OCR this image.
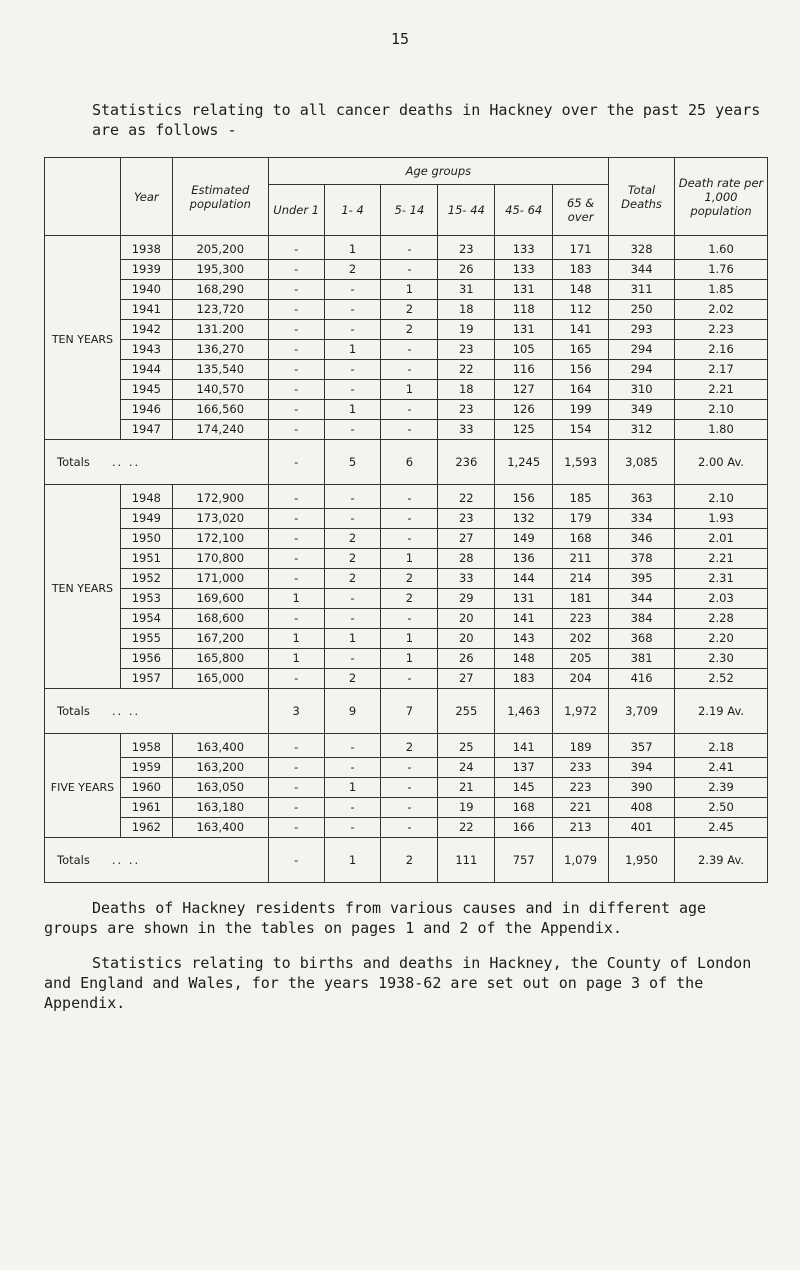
15

Statistics relating to all cancer deaths in Hackney over the past 25 years are as follows -

	Year	Estimated population	Age groups						Total Deaths	Death rate per 1,000 population
			Under 1	1- 4	5- 14	15- 44	45- 64	65 & over		
TEN YEARS	1938	205,200	-	1	-	23	133	171	328	1.60
	1939	195,300	-	2	-	26	133	183	344	1.76
	1940	168,290	-	-	1	31	131	148	311	1.85
	1941	123,720	-	-	2	18	118	112	250	2.02
	1942	131.200	-	-	2	19	131	141	293	2.23
	1943	136,270	-	1	-	23	105	165	294	2.16
	1944	135,540	-	-	-	22	116	156	294	2.17
	1945	140,570	-	-	1	18	127	164	310	2.21
	1946	166,560	-	1	-	23	126	199	349	2.10
	1947	174,240	-	-	-	33	125	154	312	1.80
Totals .. ..			-	5	6	236	1,245	1,593	3,085	2.00 Av.
TEN YEARS	1948	172,900	-	-	-	22	156	185	363	2.10
	1949	173,020	-	-	-	23	132	179	334	1.93
	1950	172,100	-	2	-	27	149	168	346	2.01
	1951	170,800	-	2	1	28	136	211	378	2.21
	1952	171,000	-	2	2	33	144	214	395	2.31
	1953	169,600	1	-	2	29	131	181	344	2.03
	1954	168,600	-	-	-	20	141	223	384	2.28
	1955	167,200	1	1	1	20	143	202	368	2.20
	1956	165,800	1	-	1	26	148	205	381	2.30
	1957	165,000	-	2	-	27	183	204	416	2.52
Totals .. ..			3	9	7	255	1,463	1,972	3,709	2.19 Av.
FIVE YEARS	1958	163,400	-	-	2	25	141	189	357	2.18
	1959	163,200	-	-	-	24	137	233	394	2.41
	1960	163,050	-	1	-	21	145	223	390	2.39
	1961	163,180	-	-	-	19	168	221	408	2.50
	1962	163,400	-	-	-	22	166	213	401	2.45
Totals .. ..			-	1	2	111	757	1,079	1,950	2.39 Av.

Deaths of Hackney residents from various causes and in different age groups are shown in the tables on pages 1 and 2 of the Appendix.

Statistics relating to births and deaths in Hackney, the County of London and England and Wales, for the years 1938-62 are set out on page 3 of the Appendix.
